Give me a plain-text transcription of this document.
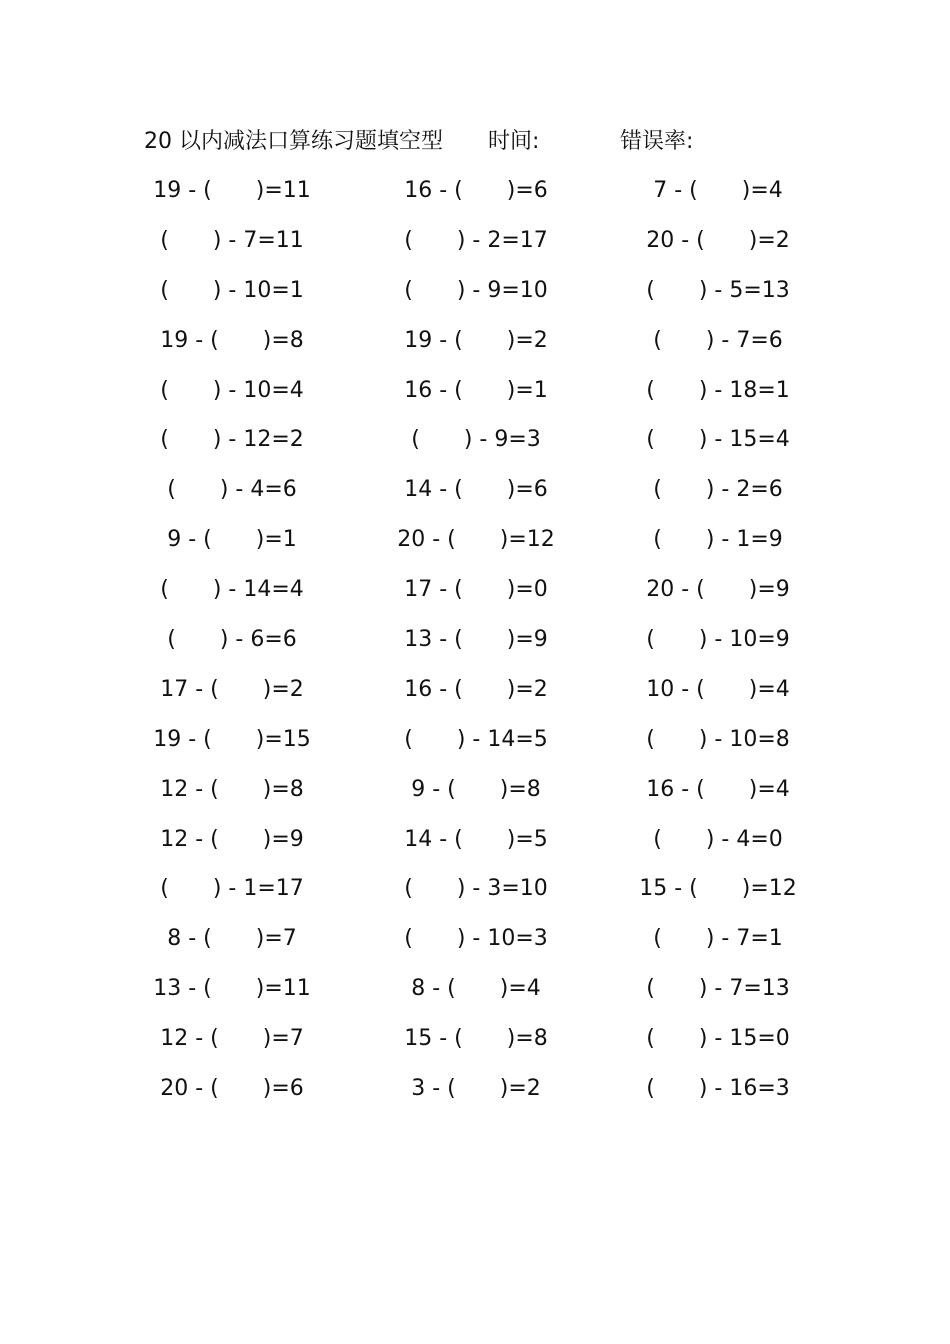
20 以内减法口算练习题填空型 时间:	错误率:
19 - (　　)=11	16 - (　　)=6	7 - (　　)=4
(　　) - 7=11	(　　) - 2=17	20 - (　　)=2
(　　) - 10=1	(　　) - 9=10	(　　) - 5=13
19 - (　　)=8	19 - (　　)=2	(　　) - 7=6
(　　) - 10=4	16 - (　　)=1	(　　) - 18=1
(　　) - 12=2	(　　) - 9=3	(　　) - 15=4
(　　) - 4=6	14 - (　　)=6	(　　) - 2=6
9 - (　　)=1	20 - (　　)=12	(　　) - 1=9
(　　) - 14=4	17 - (　　)=0	20 - (　　)=9
(　　) - 6=6	13 - (　　)=9	(　　) - 10=9
17 - (　　)=2	16 - (　　)=2	10 - (　　)=4
19 - (　　)=15	(　　) - 14=5	(　　) - 10=8
12 - (　　)=8	9 - (　　)=8	16 - (　　)=4
12 - (　　)=9	14 - (　　)=5	(　　) - 4=0
(　　) - 1=17	(　　) - 3=10	15 - (　　)=12
8 - (　　)=7	(　　) - 10=3	(　　) - 7=1
13 - (　　)=11	8 - (　　)=4	(　　) - 7=13
12 - (　　)=7	15 - (　　)=8	(　　) - 15=0
20 - (　　)=6	3 - (　　)=2	(　　) - 16=3
